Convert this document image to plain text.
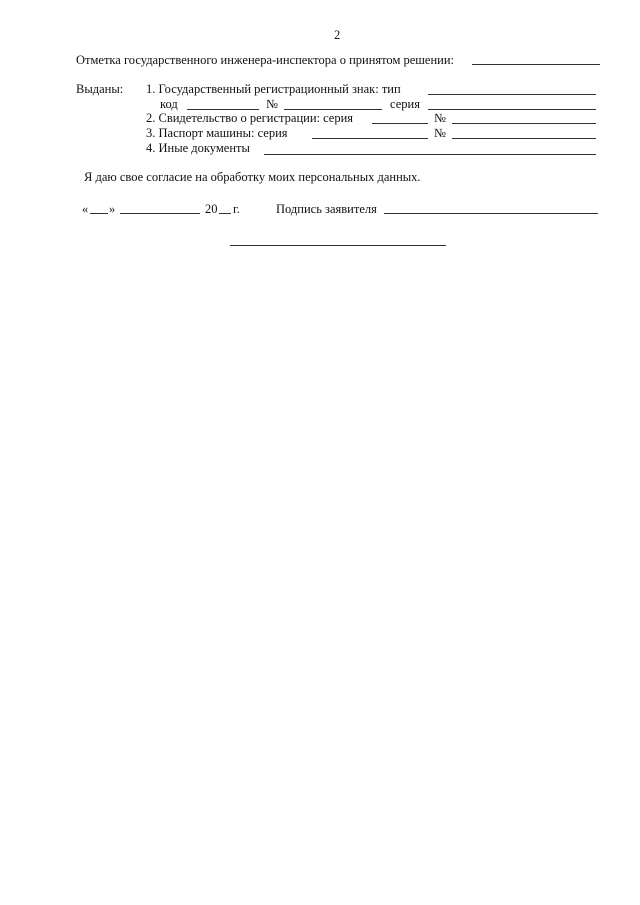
2
Отметка государственного инженера-инспектора о принятом решении:
Выданы: 1. Государственный регистрационный знак: тип
код	№	серия
2. Свидетельство о регистрации: серия	№
3. Паспорт машины: серия	№
4. Иные документы
Я даю свое согласие на обработку моих персональных данных.
« »	20 г.	Подпись заявителя
